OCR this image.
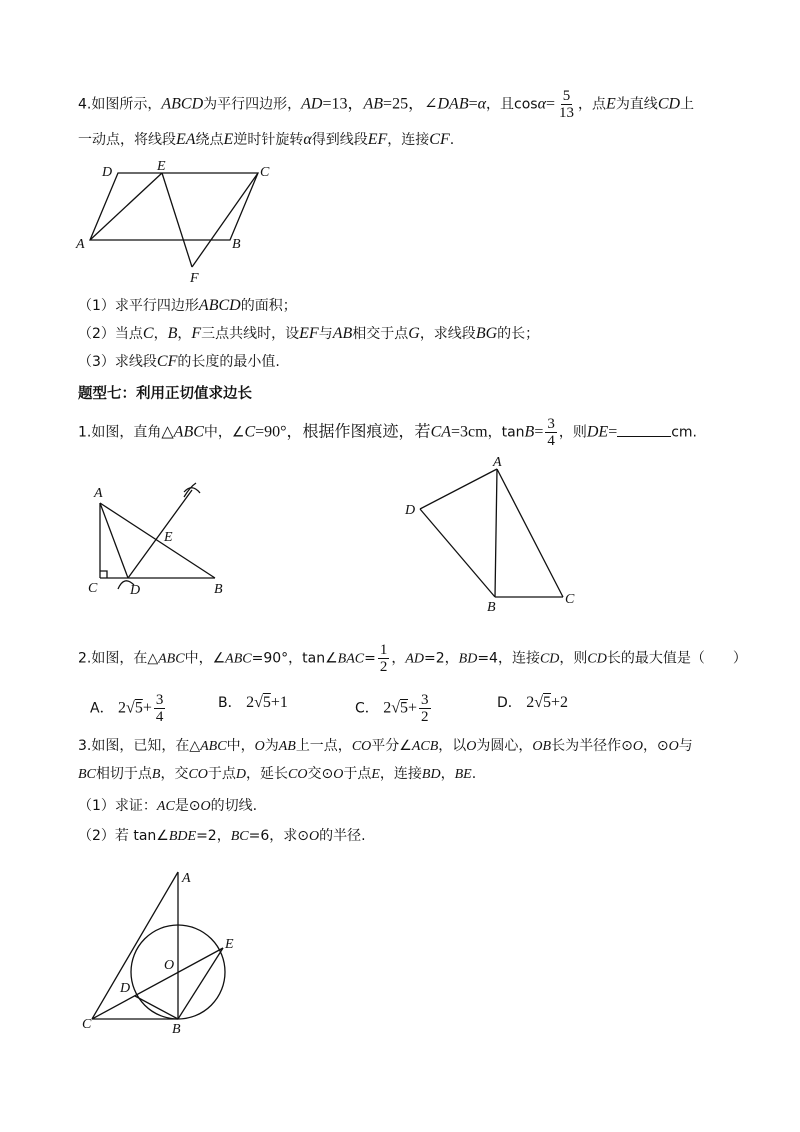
4.如图所示，ABCD为平行四边形，AD=13，AB=25，∠DAB=α，且$\cos\alpha= \frac{5}{13}$ ，点E为直线CD上
一动点，将线段EA绕点E逆时针旋转α得到线段EF，连接CF.
D	E	C
A	B
F
（1）求平行四边形ABCD的面积；
（2）当点C，B，F三点共线时，设EF与AB相交于点G，求线段BG的长；
（3）求线段CF的长度的最小值.
题型七：利用正切值求边长
1.如图，直角△ABC中，∠C=90°，根据作图痕迹，若CA=3cm，$\tan B= \frac{3}{4}$ ，则DE=	cm.
A
E
C D	B
A
D
B
C
2.如图，在△ABC中，∠ABC=90°，tan∠BAC= $\frac{1}{2}$ ，AD=2，BD=4，连接CD，则CD长的最大值是（　　）
A． $2√5+ \frac{3}{4}$	B． 2√5+1	C． $2√5+ \frac{3}{2}$	D． 2√5+2
3.如图，已知，在△ABC中，O为AB上一点，CO平分∠ACB，以O为圆心，OB长为半径作⊙O，⊙O与
BC相切于点B，交CO于点D，延长CO交⊙O于点E，连接BD，BE.
（1）求证：AC是⊙O的切线.
（2）若 tan∠BDE=2，BC=6，求⊙O的半径.
A
E
O
D
C	B
